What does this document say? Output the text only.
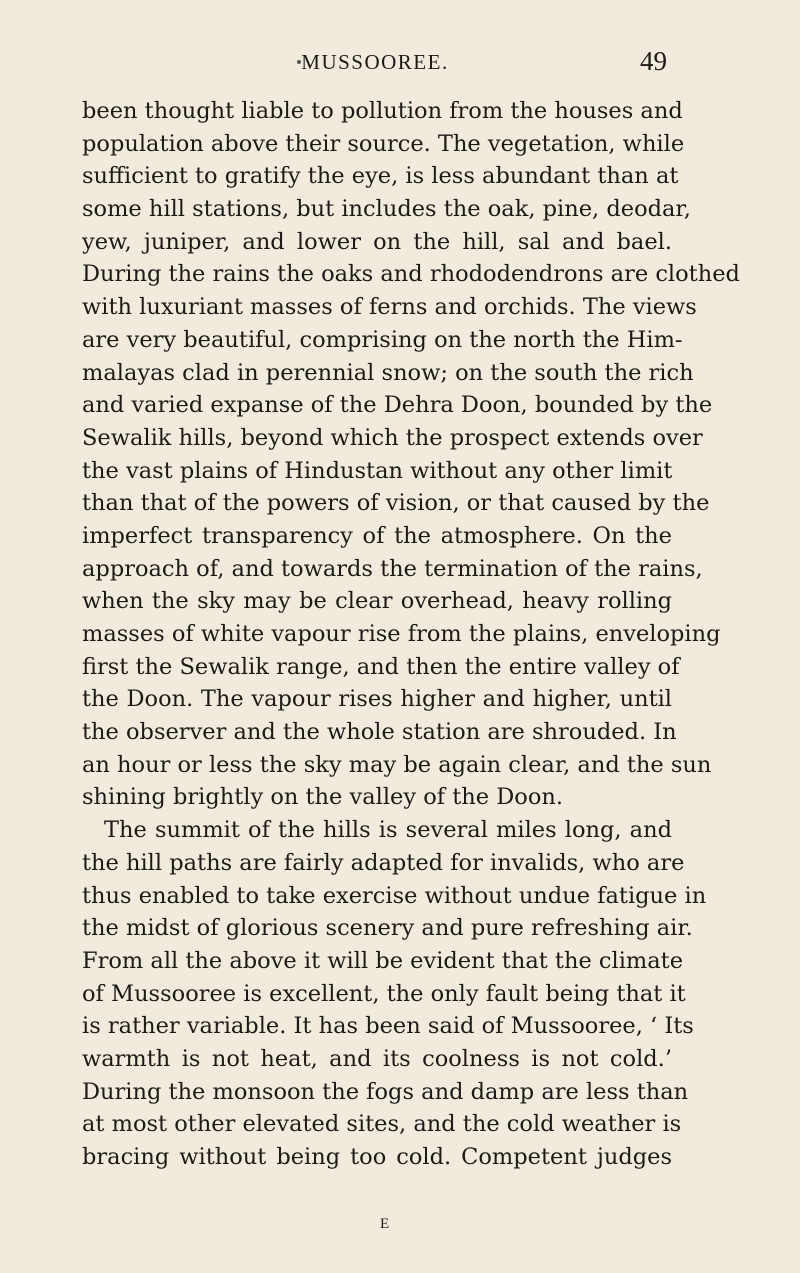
MUSSOOREE.	49
been thought liable to pollution from the houses and
population above their source. The vegetation, while
sufficient to gratify the eye, is less abundant than at
some hill stations, but includes the oak, pine, deodar,
yew, juniper, and lower on the hill, sal and bael.
During the rains the oaks and rhododendrons are clothed
with luxuriant masses of ferns and orchids. The views
are very beautiful, comprising on the north the Him-
malayas clad in perennial snow; on the south the rich
and varied expanse of the Dehra Doon, bounded by the
Sewalik hills, beyond which the prospect extends over
the vast plains of Hindustan without any other limit
than that of the powers of vision, or that caused by the
imperfect transparency of the atmosphere. On the
approach of, and towards the termination of the rains,
when the sky may be clear overhead, heavy rolling
masses of white vapour rise from the plains, enveloping
first the Sewalik range, and then the entire valley of
the Doon. The vapour rises higher and higher, until
the observer and the whole station are shrouded. In
an hour or less the sky may be again clear, and the sun
shining brightly on the valley of the Doon.
The summit of the hills is several miles long, and
the hill paths are fairly adapted for invalids, who are
thus enabled to take exercise without undue fatigue in
the midst of glorious scenery and pure refreshing air.
From all the above it will be evident that the climate
of Mussooree is excellent, the only fault being that it
is rather variable. It has been said of Mussooree, ‘ Its
warmth is not heat, and its coolness is not cold.’
During the monsoon the fogs and damp are less than
at most other elevated sites, and the cold weather is
bracing without being too cold. Competent judges
E
